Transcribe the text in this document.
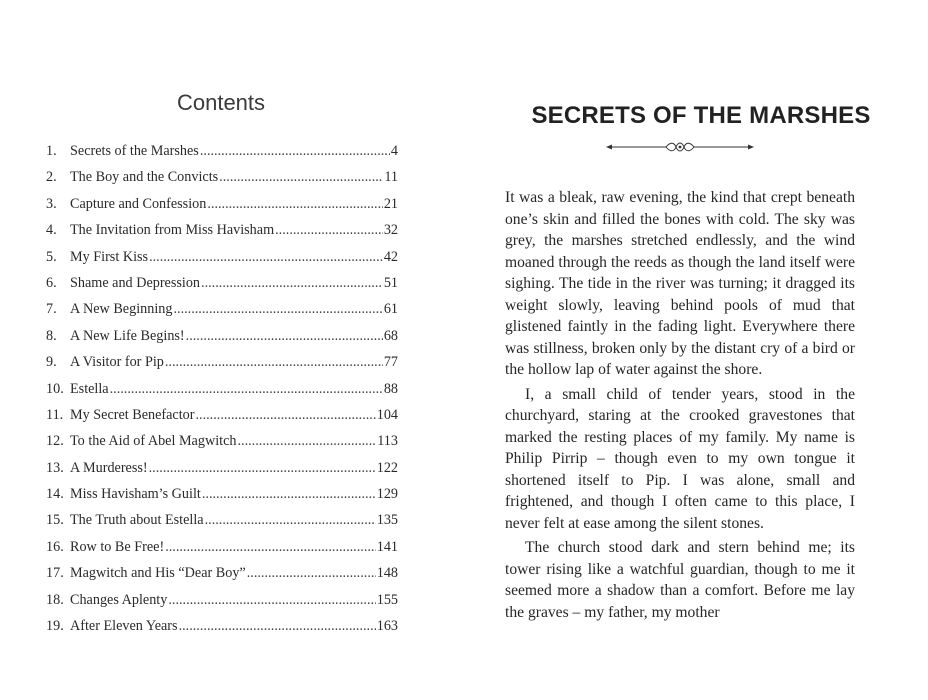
Contents
1. Secrets of the Marshes .....	4
2. The Boy and the Convicts .....	11
3. Capture and Confession .....	21
4. The Invitation from Miss Havisham .....	32
5. My First Kiss .....	42
6. Shame and Depression .....	51
7. A New Beginning .....	61
8. A New Life Begins! .....	68
9. A Visitor for Pip .....	77
10. Estella .....	88
11. My Secret Benefactor .....	104
12. To the Aid of Abel Magwitch .....	113
13. A Murderess! .....	122
14. Miss Havisham’s Guilt .....	129
15. The Truth about Estella .....	135
16. Row to Be Free! .....	141
17. Magwitch and His “Dear Boy” .....	148
18. Changes Aplenty .....	155
19. After Eleven Years .....	163
SECRETS OF THE MARSHES

It was a bleak, raw evening, the kind that crept beneath one’s skin and filled the bones with cold. The sky was grey, the marshes stretched endlessly, and the wind moaned through the reeds as though the land itself were sighing. The tide in the river was turning; it dragged its weight slowly, leaving behind pools of mud that glistened faintly in the fading light. Everywhere there was stillness, broken only by the distant cry of a bird or the hollow lap of water against the shore.

I, a small child of tender years, stood in the churchyard, staring at the crooked gravestones that marked the resting places of my family. My name is Philip Pirrip – though even to my own tongue it shortened itself to Pip. I was alone, small and frightened, and though I often came to this place, I never felt at ease among the silent stones.

The church stood dark and stern behind me; its tower rising like a watchful guardian, though to me it seemed more a shadow than a comfort. Before me lay the graves – my father, my mother
